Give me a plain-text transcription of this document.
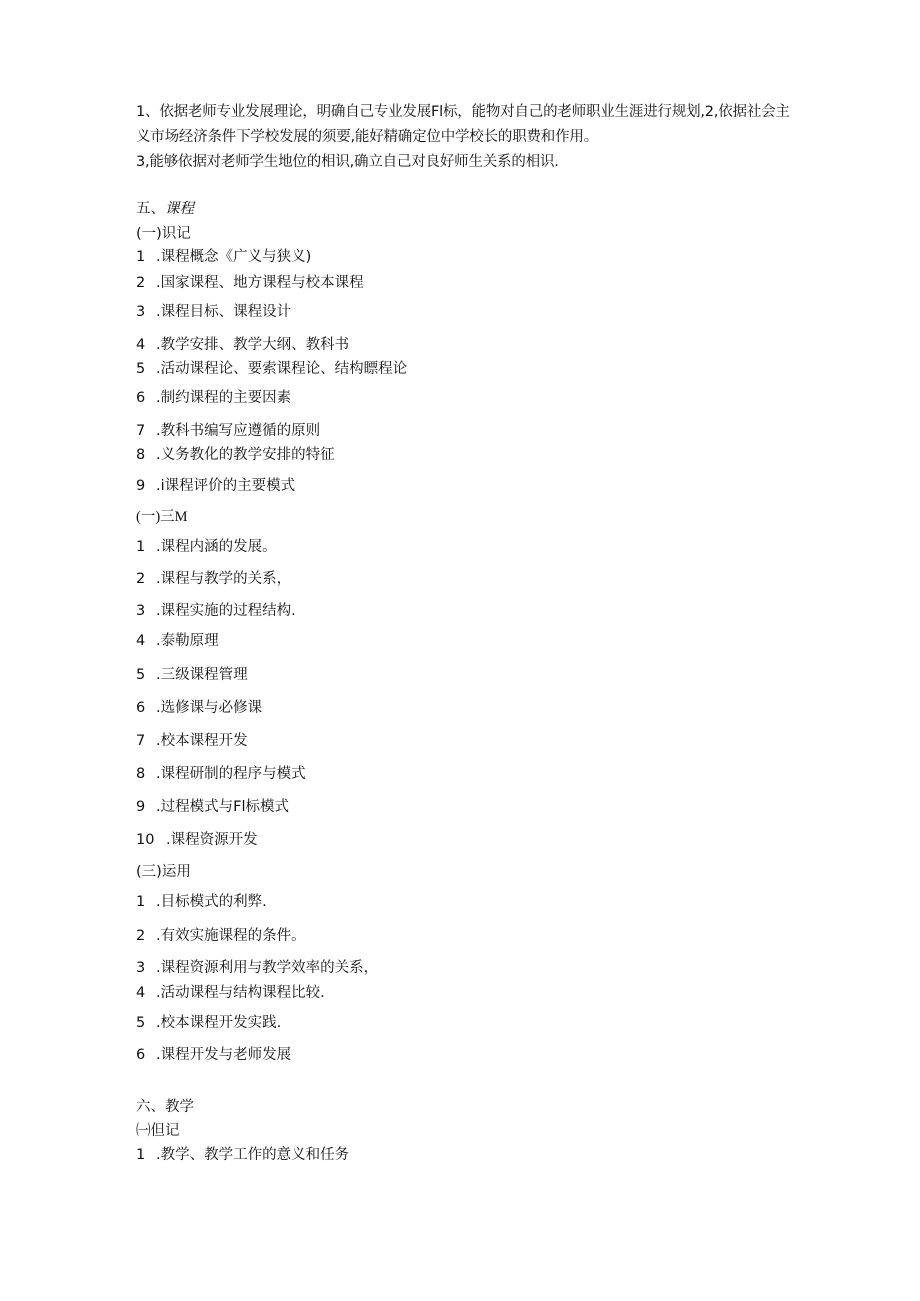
1、依据老师专业发展理论，明确自己专业发展Fl标，能物对自己的老师职业生涯进行规划,2,依据社会主义市场经济条件下学校发展的须要,能好精确定位中学校长的职费和作用。

3,能够依据对老师学生地位的相识,确立自己对良好师生关系的相识.

五、课程
(一)识记
1 .课程概念《广义与狭义)
2 .国家课程、地方课程与校本课程
3 .课程目标、课程设计
4 .教学安排、教学大纲、教科书
5 .活动课程论、要索课程论、结构瞟程论
6 .制约课程的主要因素
7 .教科书编写应遵循的原则
8 .义务教化的教学安排的特征
9 .i课程评价的主要模式
(一)三M
1 .课程内涵的发展。
2 .课程与教学的关系，
3 .课程实施的过程结构.
4 .泰勒原理
5 .三级课程管理
6 .选修课与必修课
7 .校本课程开发
8 .课程研制的程序与模式
9 .过程模式与Fl标模式
10 .课程资源开发
(三)运用
1 .目标模式的利弊.
2 .有效实施课程的条件。
3 .课程资源利用与教学效率的关系，
4 .活动课程与结构课程比较.
5 .校本课程开发实践.
6 .课程开发与老师发展
六、教学
㈠但记
1 .教学、教学工作的意义和任务
